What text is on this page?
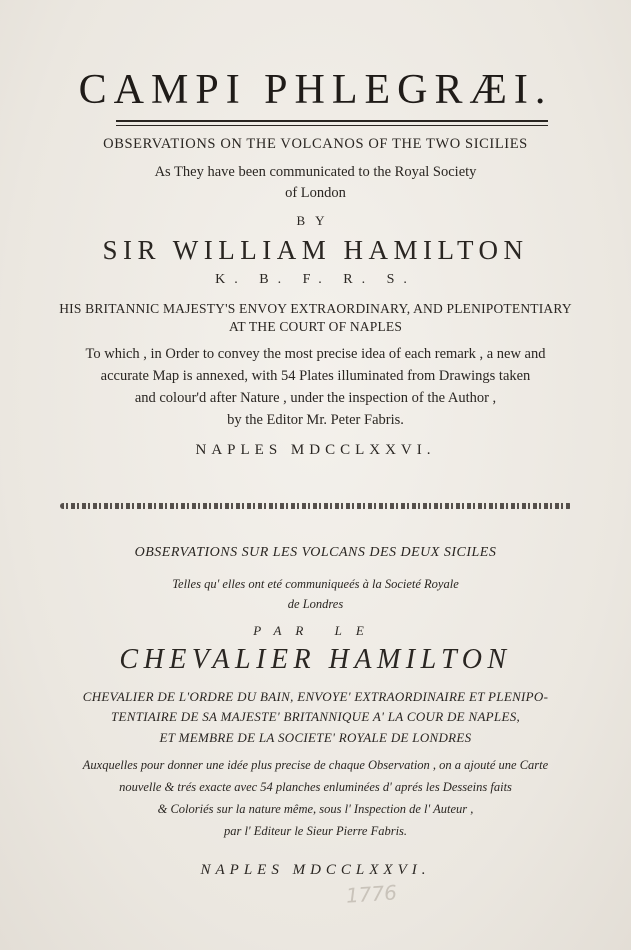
CAMPI PHLEGRÆI.
OBSERVATIONS ON THE VOLCANOS OF THE TWO SICILIES
As They have been communicated to the Royal Society
of London
BY
SIR WILLIAM HAMILTON
K. B. F. R. S.
HIS BRITANNIC MAJESTY'S ENVOY EXTRAORDINARY, AND PLENIPOTENTIARY
AT THE COURT OF NAPLES
To which , in Order to convey the most precise idea of each remark , a new and
accurate Map is annexed, with 54 Plates illuminated from Drawings taken
and colour'd after Nature , under the inspection of the Author ,
by the Editor Mr. Peter Fabris.
NAPLES MDCCLXXVI.
OBSERVATIONS SUR LES VOLCANS DES DEUX SICILES
Telles qu' elles ont eté communiqueés à la Societé Royale
de Londres
PAR LE
CHEVALIER HAMILTON
CHEVALIER DE L'ORDRE DU BAIN, ENVOYE' EXTRAORDINAIRE ET PLENIPO-
TENTIAIRE DE SA MAJESTE' BRITANNIQUE A' LA COUR DE NAPLES,
ET MEMBRE DE LA SOCIETE' ROYALE DE LONDRES
Auxquelles pour donner une idée plus precise de chaque Observation , on a ajouté une Carte
nouvelle & trés exacte avec 54 planches enluminées d' aprés les Desseins faits
& Coloriés sur la nature même, sous l' Inspection de l' Auteur ,
par l' Editeur le Sieur Pierre Fabris.
NAPLES MDCCLXXVI.
1776
